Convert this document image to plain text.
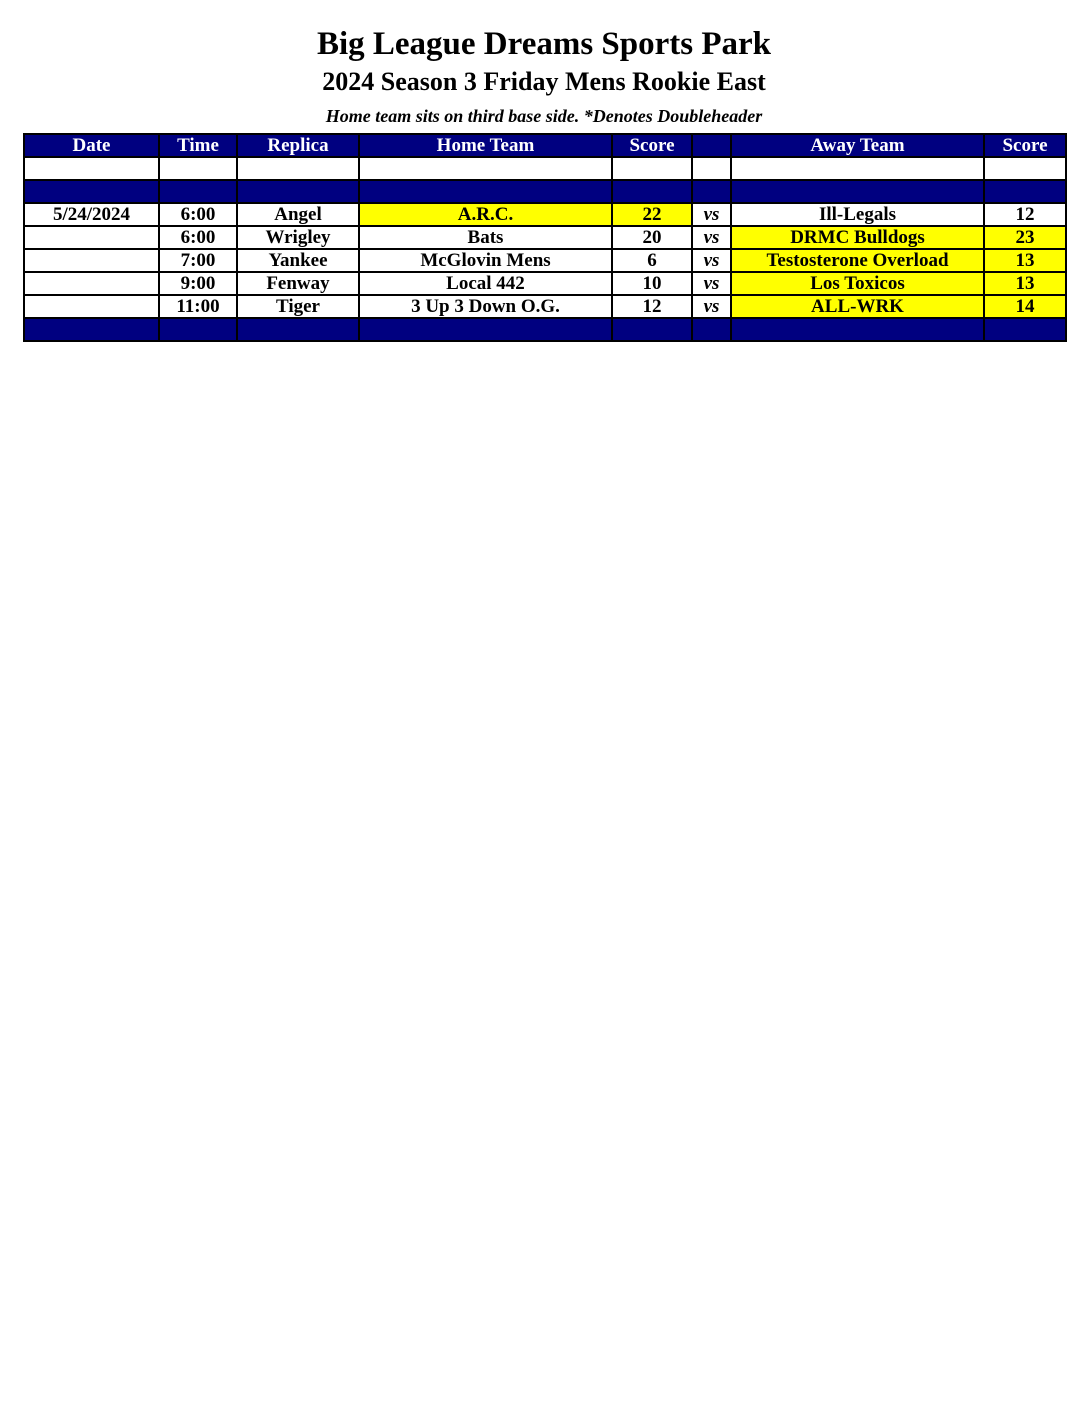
Big League Dreams Sports Park
2024 Season 3 Friday Mens Rookie East
Home team sits on third base side. *Denotes Doubleheader
Date	Time	Replica	Home Team	Score		Away Team	Score

5/24/2024	6:00	Angel	A.R.C.	22	vs	Ill-Legals	12
	6:00	Wrigley	Bats	20	vs	DRMC Bulldogs	23
	7:00	Yankee	McGlovin Mens	6	vs	Testosterone Overload	13
	9:00	Fenway	Local 442	10	vs	Los Toxicos	13
	11:00	Tiger	3 Up 3 Down O.G.	12	vs	ALL-WRK	14
